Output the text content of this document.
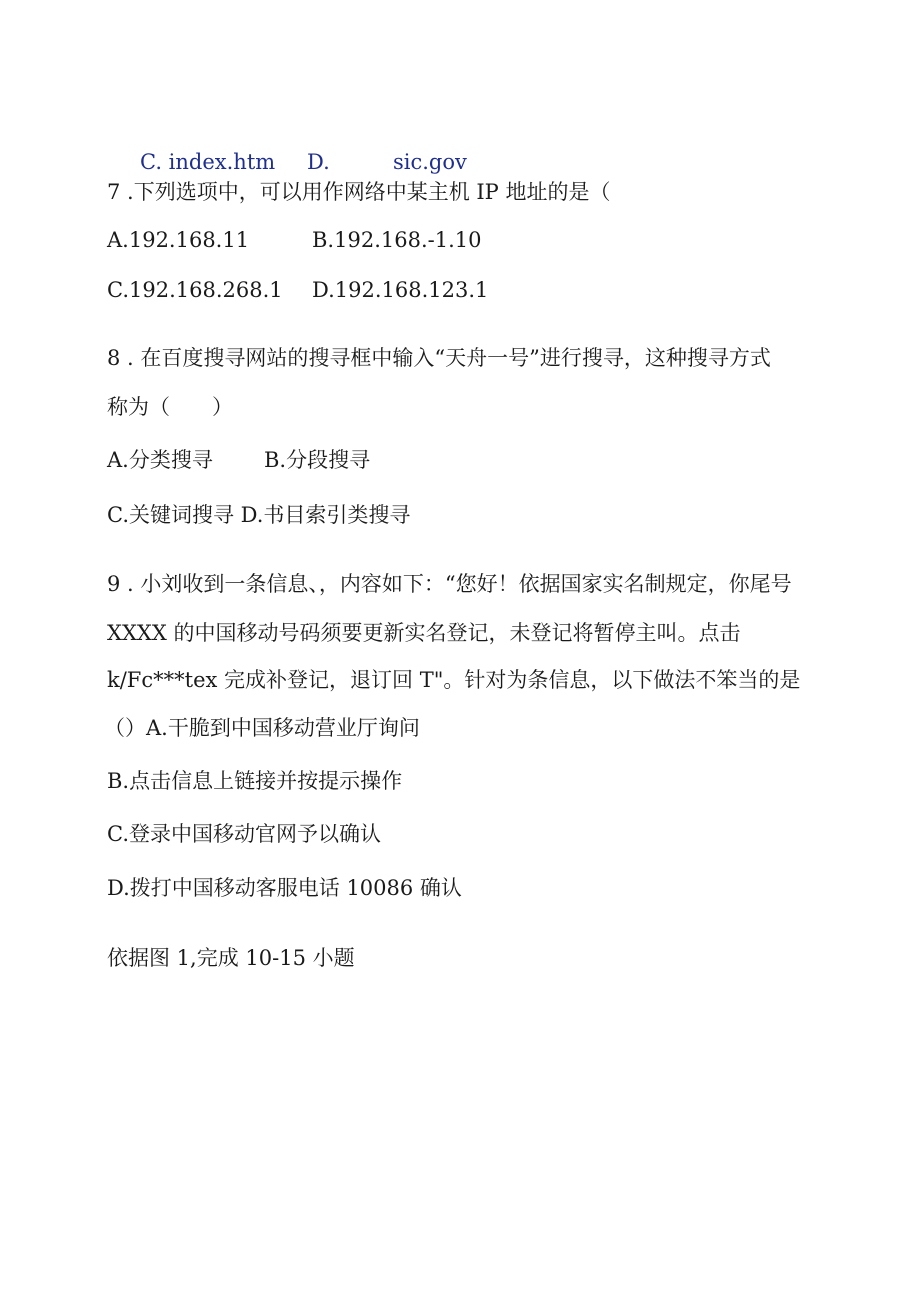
C. index.htm D.	sic.gov
7 .下列选项中，可以用作网络中某主机 IP 地址的是（
A.192.168.11	B.192.168.-1.10
C.192.168.268.1 D.192.168.123.1
8 . 在百度搜寻网站的搜寻框中输入“天舟一号”进行搜寻，这种搜寻方式
称为（　　）
A.分类搜寻 B.分段搜寻
C.关键词搜寻 D.书目索引类搜寻
9 . 小刘收到一条信息、，内容如下：“您好！依据国家实名制规定，你尾号
XXXX 的中国移动号码须要更新实名登记，未登记将暂停主叫。点击
k/Fc***tex 完成补登记，退订回 T"。针对为条信息，以下做法不笨当的是
（）A.干脆到中国移动营业厅询问
B.点击信息上链接并按提示操作
C.登录中国移动官网予以确认
D.拨打中国移动客服电话 10086 确认
依据图 1,完成 10-15 小题
